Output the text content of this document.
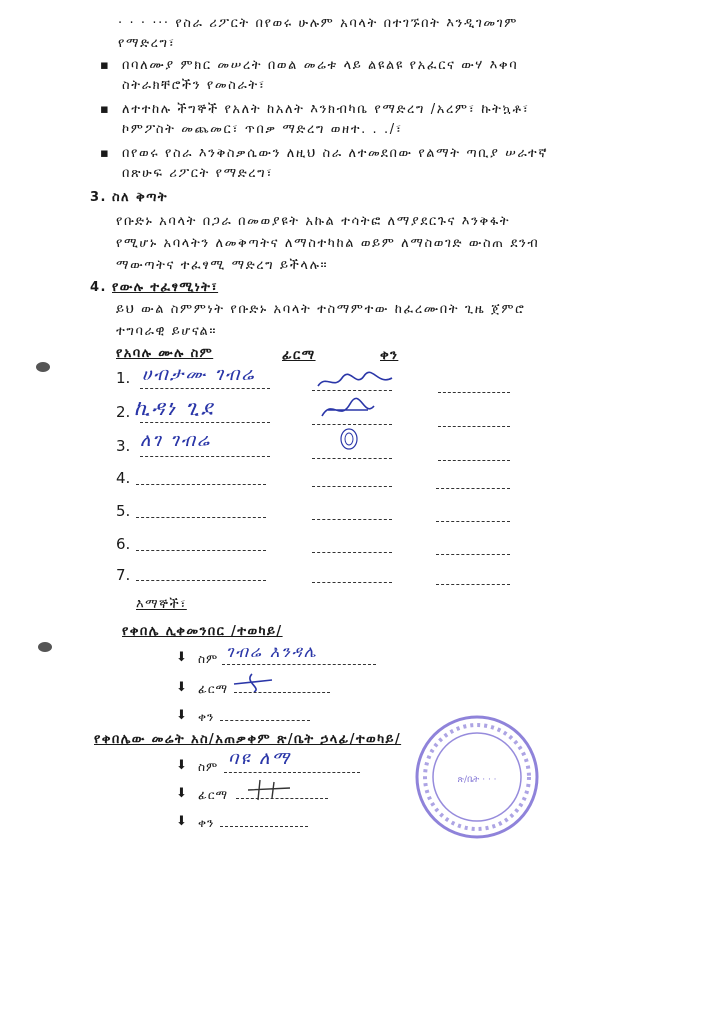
· · · ··· የስራ ሪፖርት በየወሩ ሁሉም አባላት በተገኙበት እንዲገመገም
የማድረግ፣
▪ በባለሙያ ምክር መሠረት በወል መሬቱ ላይ ልዩልዩ የአፈርና ውሃ እቀባ
ስትራክቸሮችን የመስራት፣
▪ ለተተከሉ ችግኞች የአለት ከአለት እንክብካቤ የማድረግ /አረም፣ ኩትኳቶ፣
ኮምፖስት መጨመር፣ ጥበቃ ማድረግ ወዘተ. . ./፣
▪ በየወሩ የስራ እንቅስቃሴውን ለዚህ ስራ ለተመደበው የልማት ጣቢያ ሠራተኛ
በጽሁፍ ሪፖርት የማድረግ፣
3. ስለ ቅጣት
የቡድኑ አባላት በጋራ በመወያዩት አኩል ተሳትፎ ለማያደርጉና እንቅፋት
የሚሆኑ አባላትን ለመቅጣትና ለማስተካከል ወይም ለማስወገድ ውስጠ ደንብ
ማውጣትና ተፈፃሚ ማድረግ ይችላሉ።
4. የውሉ ተፈፃሚነት፣
ይህ ውል ስምምነት የቡድኑ አባላት ተስማምተው ከፈረሙበት ጊዜ ጀምሮ
ተግባራዊ ይሆናል።
የአባሉ ሙሉ ስም	ፊርማ	ቀን
1. ሀብታሙ ገብሬ
2. ኪዳነ ጊደ
3. ለገ ገብሬ
4.
5.
6.
7.
እማኞች፣
የቀበሌ ሊቀመንበር /ተወካይ/
⬇ ስም ገብሬ እንዳሌ
⬇ ፊርማ
⬇ ቀን
የቀበሌው መሬት አስ/አጠቃቀም ጽ/ቤት ኃላፊ/ተወካይ/
⬇ ስም ባዩ ለማ
⬇ ፊርማ
⬇ ቀን
ጽ/ቤት · · ·
